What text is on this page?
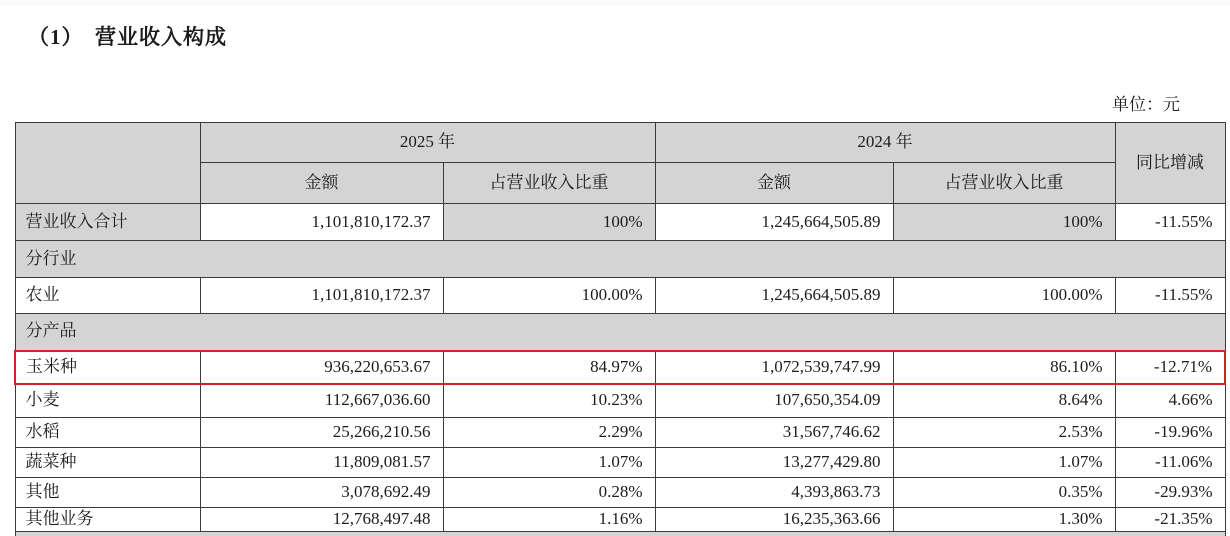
（1）　营业收入构成
单位：元
	2025 年		2024 年		同比增减
	金额	占营业收入比重	金额	占营业收入比重	
营业收入合计	1,101,810,172.37	100%	1,245,664,505.89	100%	-11.55%
分行业					
农业	1,101,810,172.37	100.00%	1,245,664,505.89	100.00%	-11.55%
分产品					
玉米种	936,220,653.67	84.97%	1,072,539,747.99	86.10%	-12.71%
小麦	112,667,036.60	10.23%	107,650,354.09	8.64%	4.66%
水稻	25,266,210.56	2.29%	31,567,746.62	2.53%	-19.96%
蔬菜种	11,809,081.57	1.07%	13,277,429.80	1.07%	-11.06%
其他	3,078,692.49	0.28%	4,393,863.73	0.35%	-29.93%
其他业务	12,768,497.48	1.16%	16,235,363.66	1.30%	-21.35%
